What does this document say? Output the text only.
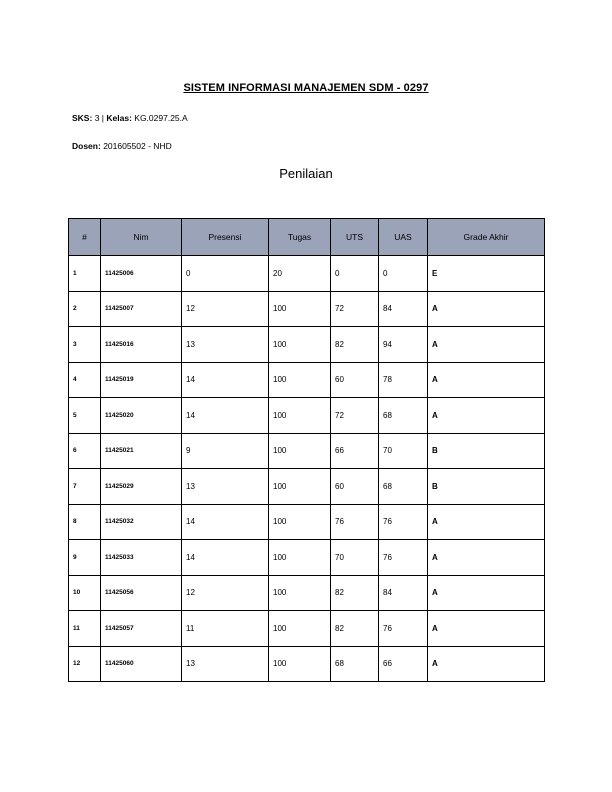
SISTEM INFORMASI MANAJEMEN SDM - 0297
SKS: 3 | Kelas: KG.0297.25.A
Dosen: 201605502 - NHD
Penilaian
#	Nim	Presensi	Tugas	UTS	UAS	Grade Akhir
1	11425006	0	20	0	0	E
2	11425007	12	100	72	84	A
3	11425016	13	100	82	94	A
4	11425019	14	100	60	78	A
5	11425020	14	100	72	68	A
6	11425021	9	100	66	70	B
7	11425029	13	100	60	68	B
8	11425032	14	100	76	76	A
9	11425033	14	100	70	76	A
10	11425056	12	100	82	84	A
11	11425057	11	100	82	76	A
12	11425060	13	100	68	66	A
